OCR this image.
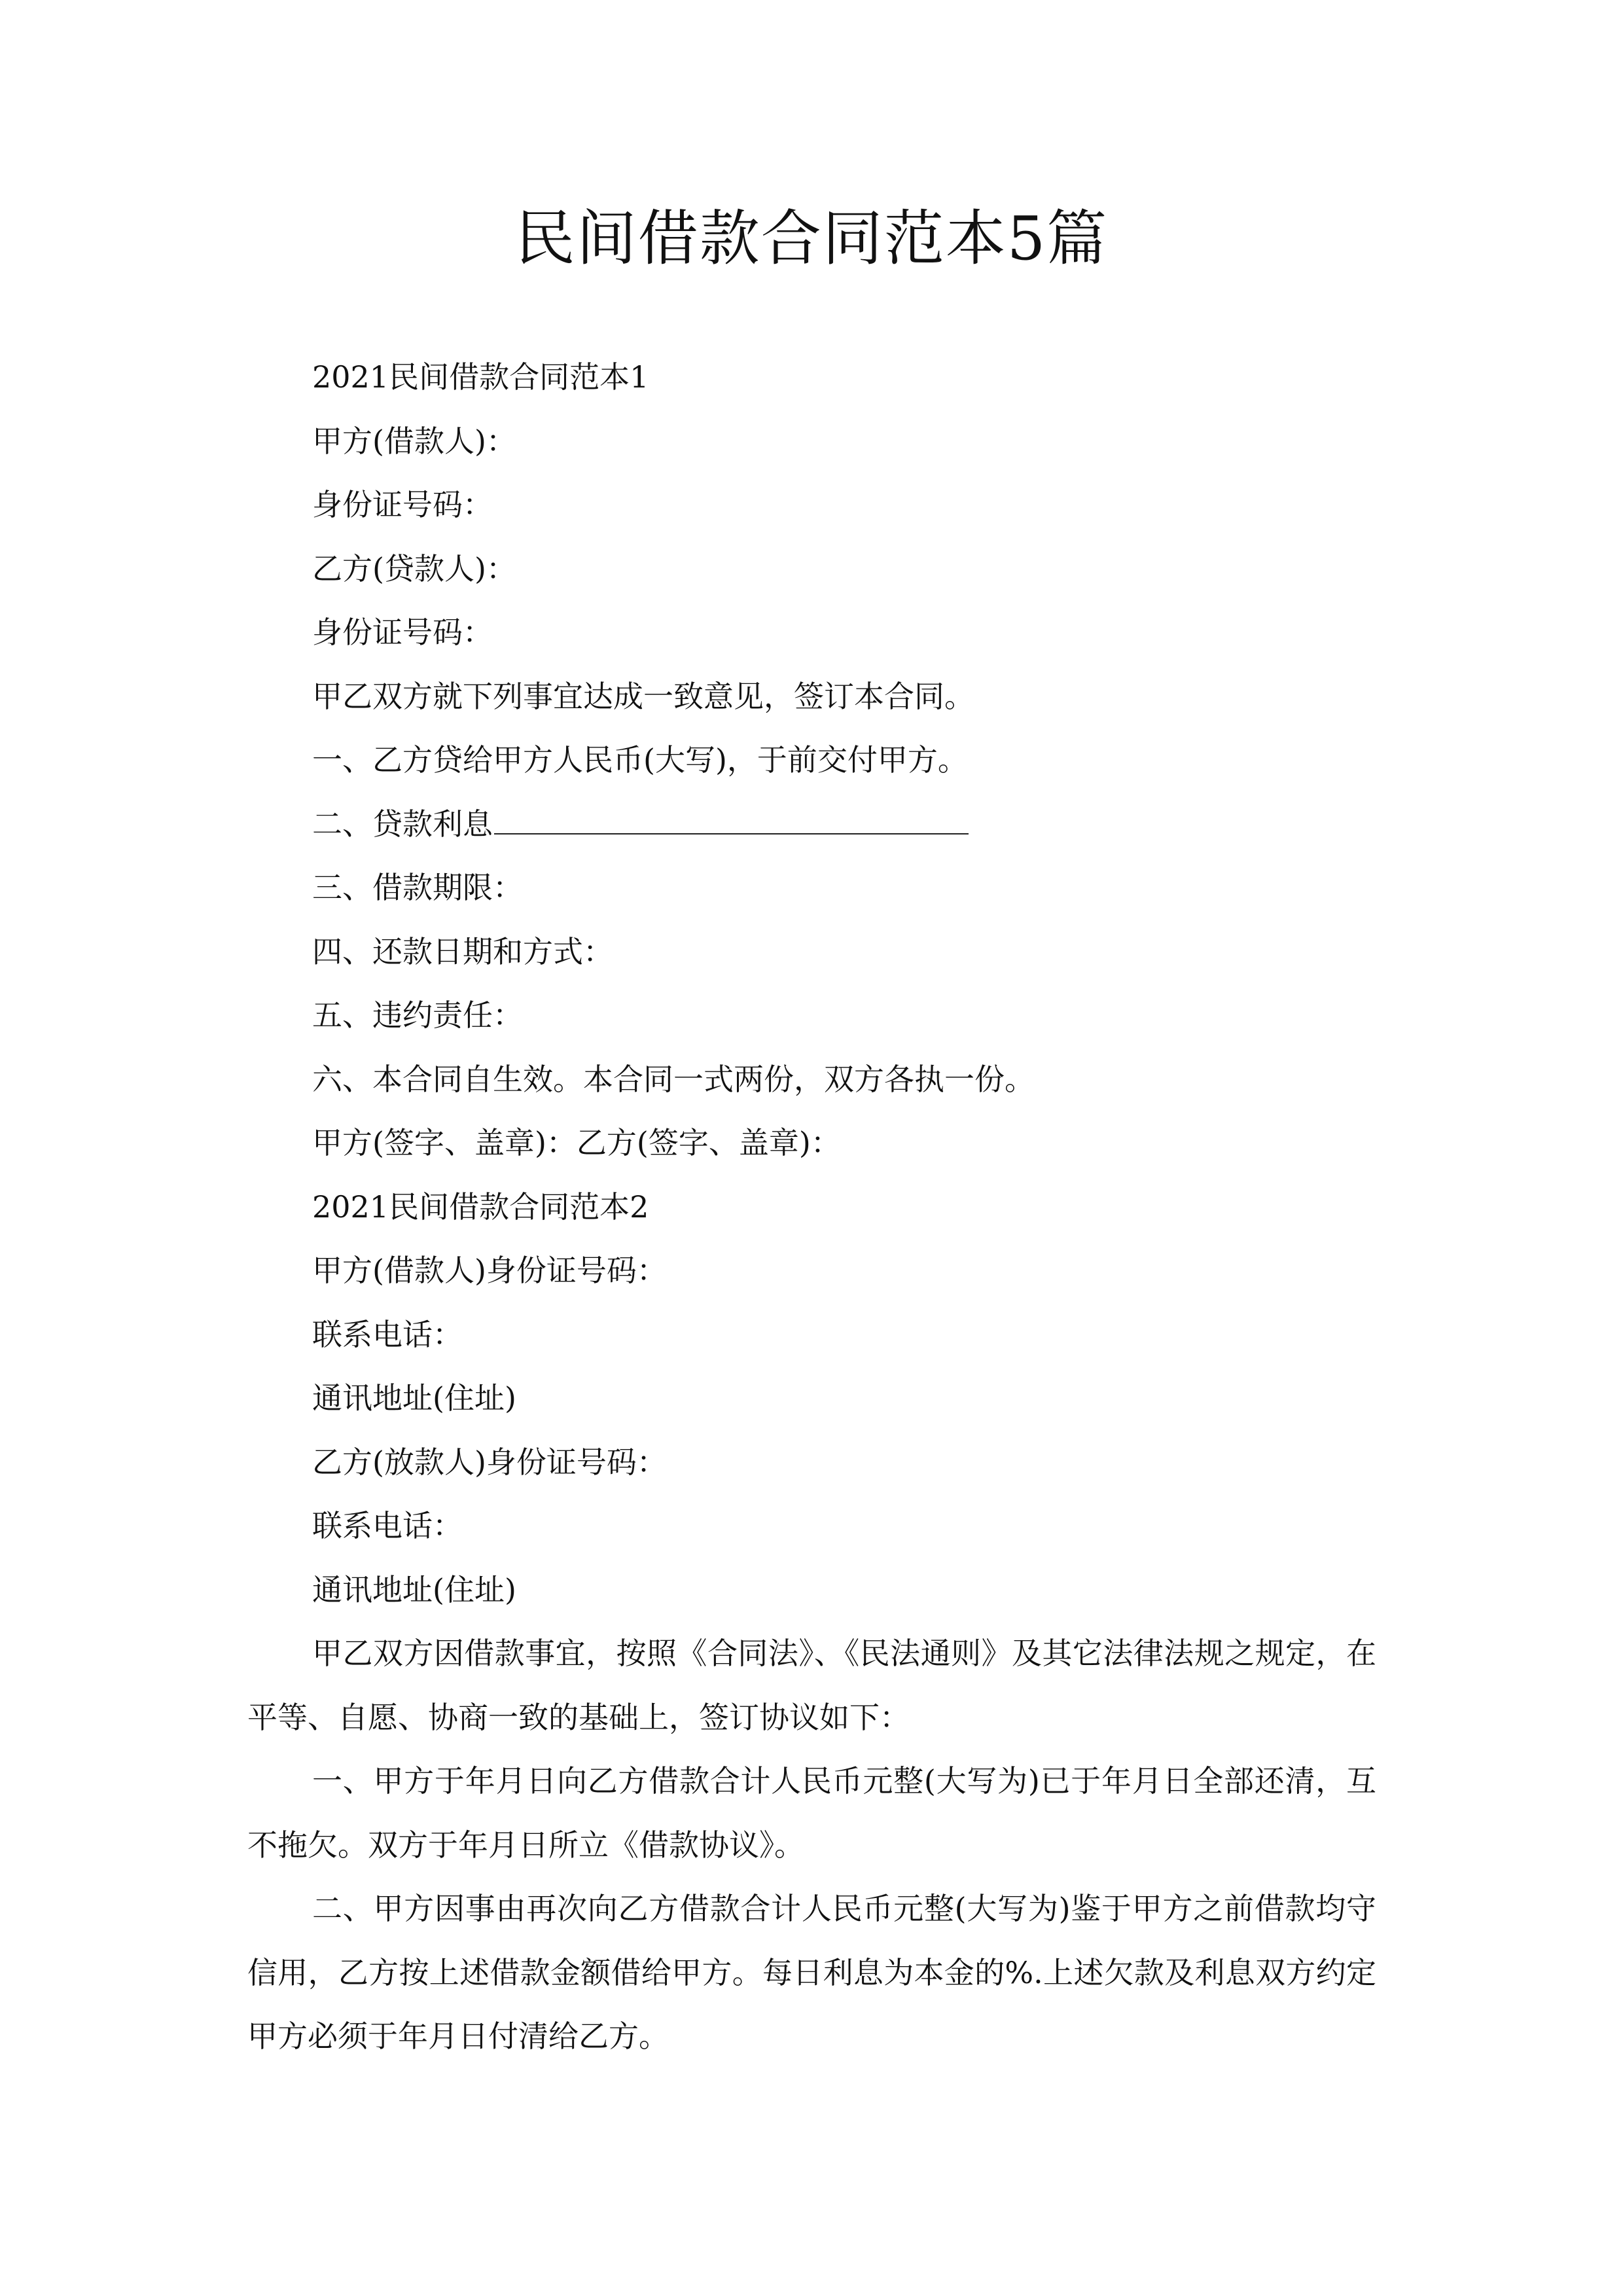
民间借款合同范本5篇

2021民间借款合同范本1

甲方(借款人)：

身份证号码：

乙方(贷款人)：

身份证号码：

甲乙双方就下列事宜达成一致意见，签订本合同。

一、乙方贷给甲方人民币(大写)，于前交付甲方。

二、贷款利息

三、借款期限：

四、还款日期和方式：

五、违约责任：

六、本合同自生效。本合同一式两份，双方各执一份。

甲方(签字、盖章)：乙方(签字、盖章)：

2021民间借款合同范本2

甲方(借款人)身份证号码：

联系电话：

通讯地址(住址)

乙方(放款人)身份证号码：

联系电话：

通讯地址(住址)

甲乙双方因借款事宜，按照《合同法》、《民法通则》及其它法律法规之规定，在平等、自愿、协商一致的基础上，签订协议如下：

一、甲方于年月日向乙方借款合计人民币元整(大写为)已于年月日全部还清，互不拖欠。双方于年月日所立《借款协议》。

二、甲方因事由再次向乙方借款合计人民币元整(大写为)鉴于甲方之前借款均守信用，乙方按上述借款金额借给甲方。每日利息为本金的%.上述欠款及利息双方约定甲方必须于年月日付清给乙方。
